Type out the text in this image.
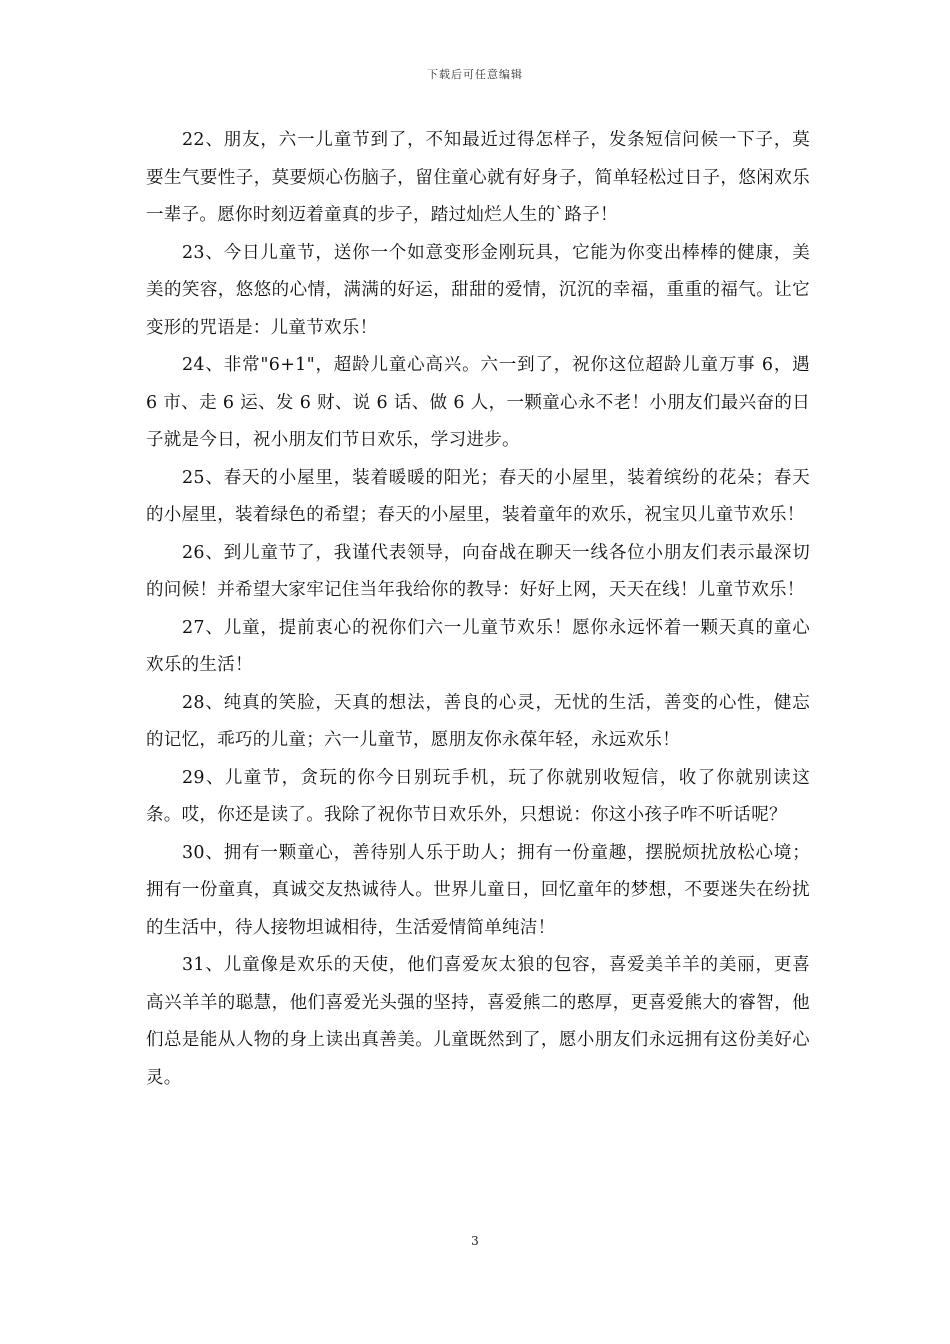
下载后可任意编辑

22、朋友，六一儿童节到了，不知最近过得怎样子，发条短信问候一下子，莫要生气要性子，莫要烦心伤脑子，留住童心就有好身子，简单轻松过日子，悠闲欢乐一辈子。愿你时刻迈着童真的步子，踏过灿烂人生的`路子！

23、今日儿童节，送你一个如意变形金刚玩具，它能为你变出棒棒的健康，美美的笑容，悠悠的心情，满满的好运，甜甜的爱情，沉沉的幸福，重重的福气。让它变形的咒语是：儿童节欢乐！

24、非常"6+1"，超龄儿童心高兴。六一到了，祝你这位超龄儿童万事 6，遇 6 市、走 6 运、发 6 财、说 6 话、做 6 人，一颗童心永不老！小朋友们最兴奋的日子就是今日，祝小朋友们节日欢乐，学习进步。

25、春天的小屋里，装着暖暖的阳光；春天的小屋里，装着缤纷的花朵；春天的小屋里，装着绿色的希望；春天的小屋里，装着童年的欢乐，祝宝贝儿童节欢乐！

26、到儿童节了，我谨代表领导，向奋战在聊天一线各位小朋友们表示最深切的问候！并希望大家牢记住当年我给你的教导：好好上网，天天在线！儿童节欢乐！

27、儿童，提前衷心的祝你们六一儿童节欢乐！愿你永远怀着一颗天真的童心欢乐的生活！

28、纯真的笑脸，天真的想法，善良的心灵，无忧的生活，善变的心性，健忘的记忆，乖巧的儿童；六一儿童节，愿朋友你永葆年轻，永远欢乐！

29、儿童节，贪玩的你今日别玩手机，玩了你就别收短信，收了你就别读这条。哎，你还是读了。我除了祝你节日欢乐外，只想说：你这小孩子咋不听话呢？

30、拥有一颗童心，善待别人乐于助人；拥有一份童趣，摆脱烦扰放松心境；拥有一份童真，真诚交友热诚待人。世界儿童日，回忆童年的梦想，不要迷失在纷扰的生活中，待人接物坦诚相待，生活爱情简单纯洁！

31、儿童像是欢乐的天使，他们喜爱灰太狼的包容，喜爱美羊羊的美丽，更喜高兴羊羊的聪慧，他们喜爱光头强的坚持，喜爱熊二的憨厚，更喜爱熊大的睿智，他们总是能从人物的身上读出真善美。儿童既然到了，愿小朋友们永远拥有这份美好心灵。

3
